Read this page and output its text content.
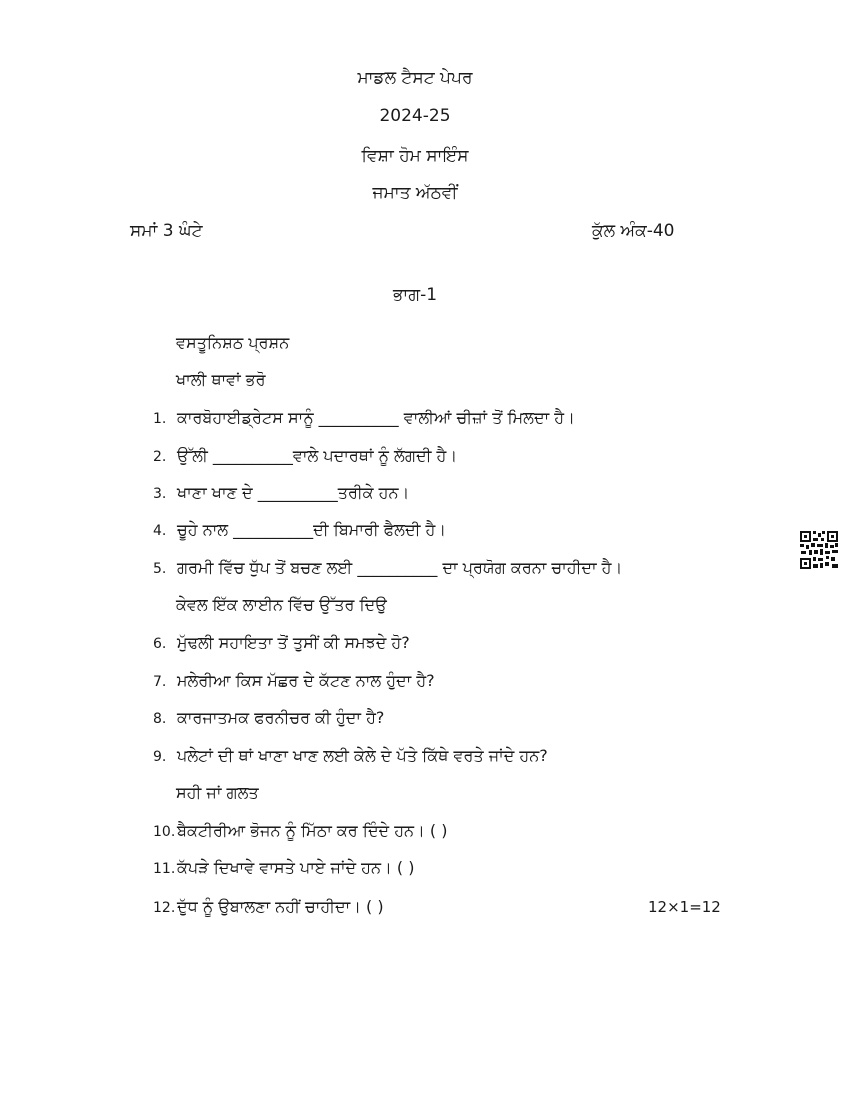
ਮਾਡਲ ਟੈਸਟ ਪੇਪਰ
2024-25
ਵਿਸ਼ਾ ਹੋਮ ਸਾਇੰਸ
ਜਮਾਤ ਅੱਠਵੀਂ
ਸਮਾਂ 3 ਘੰਟੇ	ਕੁੱਲ ਅੰਕ-40
ਭਾਗ-1
ਵਸਤੂਨਿਸ਼ਠ ਪ੍ਰਸ਼ਨ
ਖਾਲੀ ਥਾਵਾਂ ਭਰੋ
1. ਕਾਰਬੋਹਾਈਡ੍ਰੇਟਸ ਸਾਨੂੰ __________ ਵਾਲੀਆਂ ਚੀਜ਼ਾਂ ਤੋਂ ਮਿਲਦਾ ਹੈ।
2. ਉੱਲੀ __________ਵਾਲੇ ਪਦਾਰਥਾਂ ਨੂੰ ਲੱਗਦੀ ਹੈ।
3. ਖਾਣਾ ਖਾਣ ਦੇ __________ਤਰੀਕੇ ਹਨ।
4. ਚੂਹੇ ਨਾਲ __________ਦੀ ਬਿਮਾਰੀ ਫੈਲਦੀ ਹੈ।
5. ਗਰਮੀ ਵਿੱਚ ਧੁੱਪ ਤੋਂ ਬਚਣ ਲਈ __________ ਦਾ ਪ੍ਰਯੋਗ ਕਰਨਾ ਚਾਹੀਦਾ ਹੈ।
ਕੇਵਲ ਇੱਕ ਲਾਈਨ ਵਿੱਚ ਉੱਤਰ ਦਿਉ
6. ਮੁੱਢਲੀ ਸਹਾਇਤਾ ਤੋਂ ਤੁਸੀਂ ਕੀ ਸਮਝਦੇ ਹੋ?
7. ਮਲੇਰੀਆ ਕਿਸ ਮੱਛਰ ਦੇ ਕੱਟਣ ਨਾਲ ਹੁੰਦਾ ਹੈ?
8. ਕਾਰਜਾਤਮਕ ਫਰਨੀਚਰ ਕੀ ਹੁੰਦਾ ਹੈ?
9. ਪਲੇਟਾਂ ਦੀ ਥਾਂ ਖਾਣਾ ਖਾਣ ਲਈ ਕੇਲੇ ਦੇ ਪੱਤੇ ਕਿੱਥੇ ਵਰਤੇ ਜਾਂਦੇ ਹਨ?
ਸਹੀ ਜਾਂ ਗਲਤ
10. ਬੈਕਟੀਰੀਆ ਭੋਜਨ ਨੂੰ ਮਿੱਠਾ ਕਰ ਦਿੰਦੇ ਹਨ। ( )
11. ਕੱਪੜੇ ਦਿਖਾਵੇ ਵਾਸਤੇ ਪਾਏ ਜਾਂਦੇ ਹਨ। ( )
12. ਦੁੱਧ ਨੂੰ ਉਬਾਲਣਾ ਨਹੀਂ ਚਾਹੀਦਾ। ( )	12×1=12
